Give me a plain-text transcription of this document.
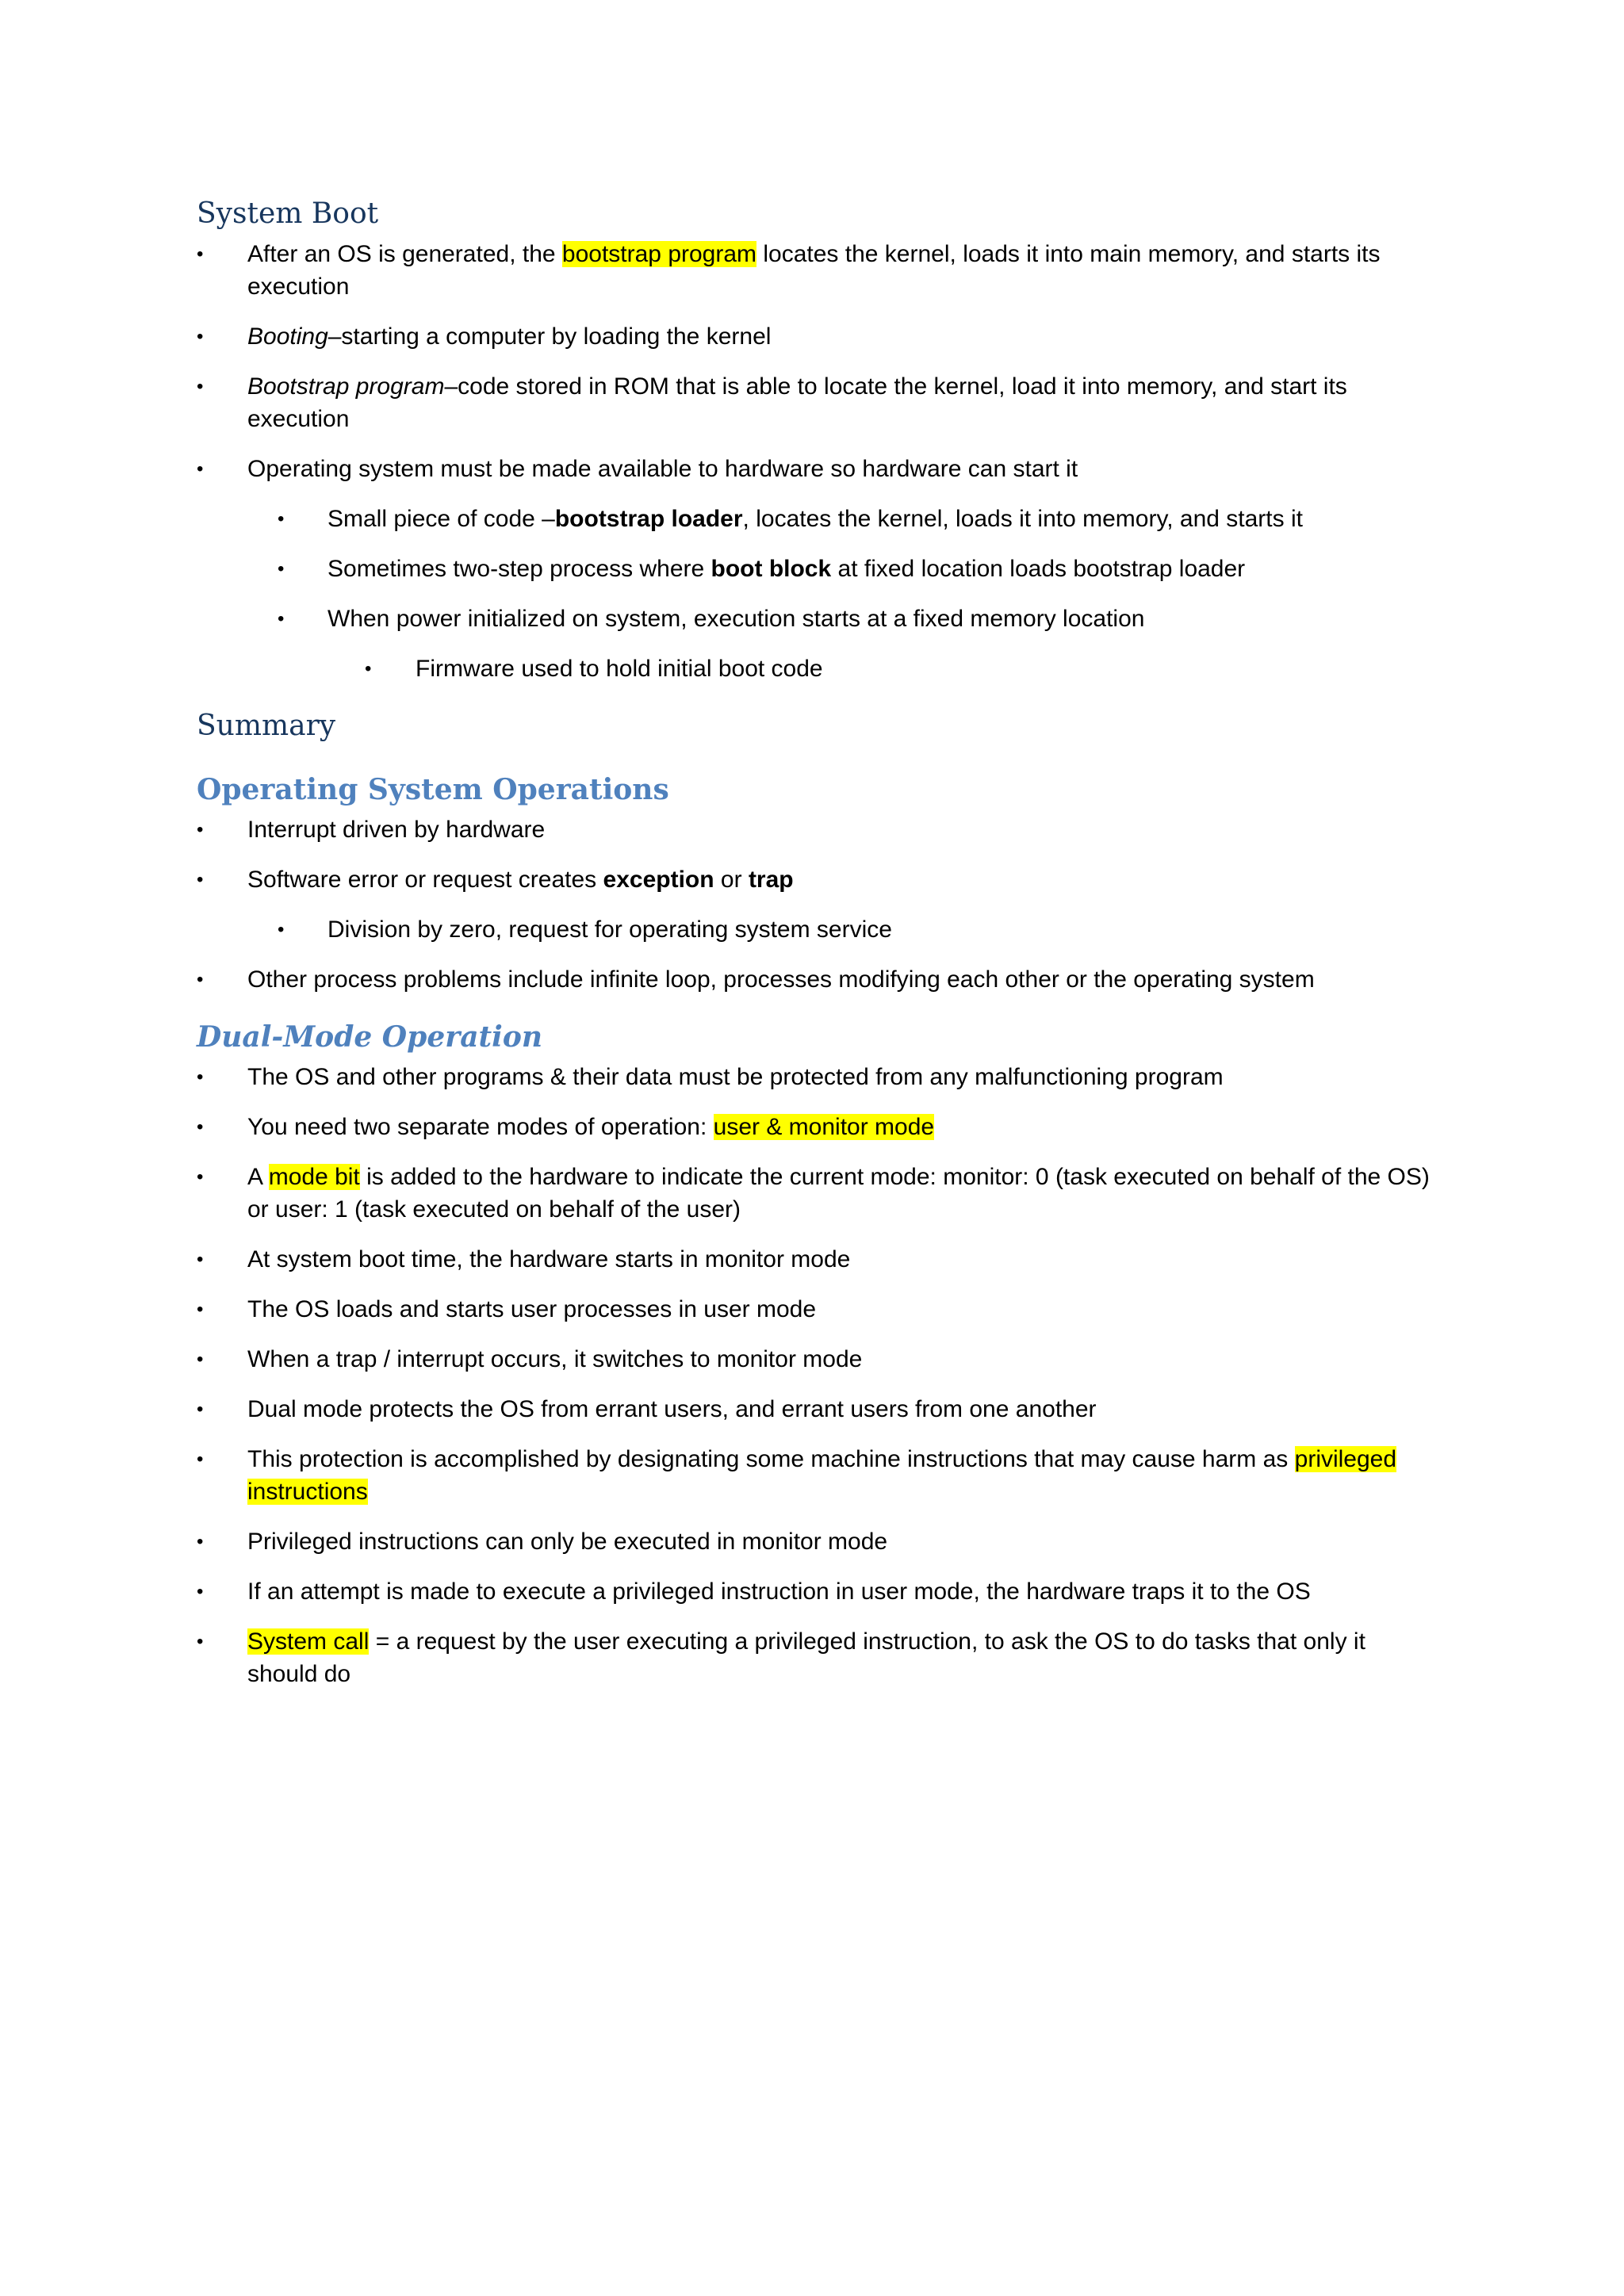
System Boot
• After an OS is generated, the bootstrap program locates the kernel, loads it into main memory, and starts its execution
• Booting–starting a computer by loading the kernel
• Bootstrap program–code stored in ROM that is able to locate the kernel, load it into memory, and start its execution
• Operating system must be made available to hardware so hardware can start it
• Small piece of code –bootstrap loader, locates the kernel, loads it into memory, and starts it
• Sometimes two-step process where boot block at fixed location loads bootstrap loader
• When power initialized on system, execution starts at a fixed memory location
• Firmware used to hold initial boot code
Summary
Operating System Operations
• Interrupt driven by hardware
• Software error or request creates exception or trap
• Division by zero, request for operating system service
• Other process problems include infinite loop, processes modifying each other or the operating system
Dual-Mode Operation
• The OS and other programs & their data must be protected from any malfunctioning program
• You need two separate modes of operation: user & monitor mode
• A mode bit is added to the hardware to indicate the current mode: monitor: 0 (task executed on behalf of the OS) or user: 1 (task executed on behalf of the user)
• At system boot time, the hardware starts in monitor mode
• The OS loads and starts user processes in user mode
• When a trap / interrupt occurs, it switches to monitor mode
• Dual mode protects the OS from errant users, and errant users from one another
• This protection is accomplished by designating some machine instructions that may cause harm as privileged instructions
• Privileged instructions can only be executed in monitor mode
• If an attempt is made to execute a privileged instruction in user mode, the hardware traps it to the OS
• System call = a request by the user executing a privileged instruction, to ask the OS to do tasks that only it should do
